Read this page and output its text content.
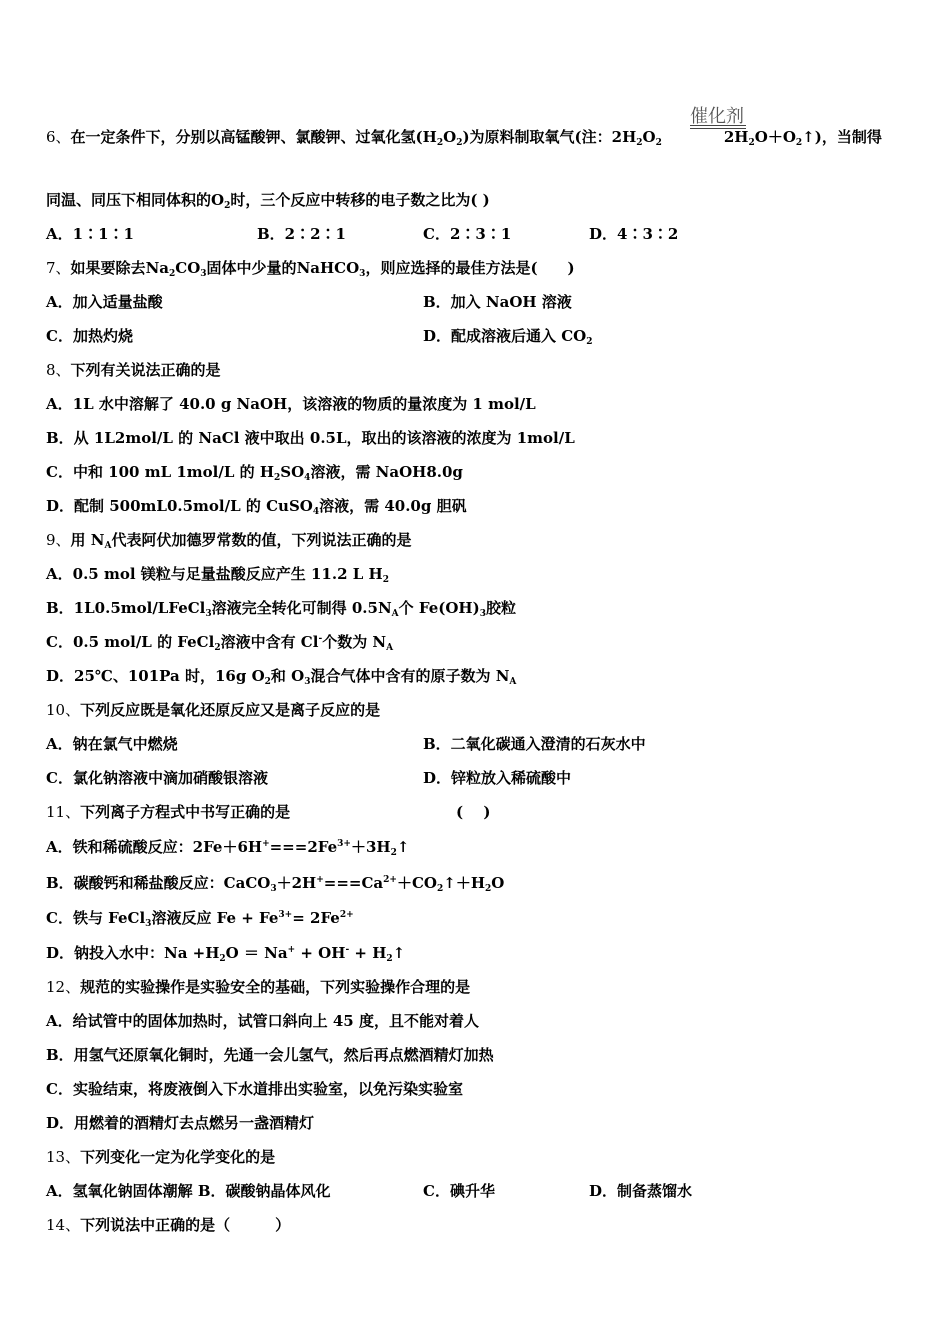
催化剂
6、在一定条件下，分别以高锰酸钾、氯酸钾、过氧化氢$(H_2O_2)$为原料制取氧气(注：$2H_2O_2$	$2H_2O+O_2↑$)，当制得
同温、同压下相同体积的$O_2$时，三个反应中转移的电子数之比为( )
A．1∶1∶1	B．2∶2∶1	C．2∶3∶1	D．4∶3∶2
7、如果要除去$Na_2CO_3$固体中少量的NaHCO$_3$，则应选择的最佳方法是(　　)
A．加入适量盐酸	B．加入 NaOH 溶液
C．加热灼烧	D．配成溶液后通入 $CO_2$
8、下列有关说法正确的是
A．1L 水中溶解了 40.0 g NaOH，该溶液的物质的量浓度为 1 mol/L
B．从 1L2mol/L 的 NaCl 液中取出 0.5L，取出的该溶液的浓度为 1mol/L
C．中和 100 mL 1mol/L 的 $H_2SO_4$溶液，需 NaOH8.0g
D．配制 500mL0.5mol/L 的 CuSO$_4$溶液，需 40.0g 胆矾
9、用 $N_A$代表阿伏加德罗常数的值，下列说法正确的是
A．0.5 mol 镁粒与足量盐酸反应产生 11.2 L $H_2$
B．1L0.5mol/LFeCl$_3$溶液完全转化可制得 $0.5N_A$个 $Fe(OH)_3$胶粒
C．0.5 mol/L 的 FeCl$_2$溶液中含有 Cl-个数为 $N_A$
D．25℃、101Pa 时，16g $O_2$和 $O_3$混合气体中含有的原子数为 $N_A$
10、下列反应既是氧化还原反应又是离子反应的是
A．钠在氯气中燃烧	B．二氧化碳通入澄清的石灰水中
C．氯化钠溶液中滴加硝酸银溶液	D．锌粒放入稀硫酸中
11、下列离子方程式中书写正确的是	(　 )
A．铁和稀硫酸反应：$2Fe+6H^+===2Fe^{3+}+3H_2↑$
B．碳酸钙和稀盐酸反应：$CaCO_3+2H^+===Ca^{2+}+CO_2↑+H_2O$
C．铁与 FeCl$_3$溶液反应 $Fe + Fe^{3+}= 2Fe^{2+}$
D．钠投入水中：$Na +H_2O = Na^+ + OH^-$ + $H_2↑$
12、规范的实验操作是实验安全的基础，下列实验操作合理的是
A．给试管中的固体加热时，试管口斜向上 45 度，且不能对着人
B．用氢气还原氧化铜时，先通一会儿氢气，然后再点燃酒精灯加热
C．实验结束，将废液倒入下水道排出实验室，以免污染实验室
D．用燃着的酒精灯去点燃另一盏酒精灯
13、下列变化一定为化学变化的是
A．氢氧化钠固体潮解 B．碳酸钠晶体风化	C．碘升华	D．制备蒸馏水
14、下列说法中正确的是（　　　）
